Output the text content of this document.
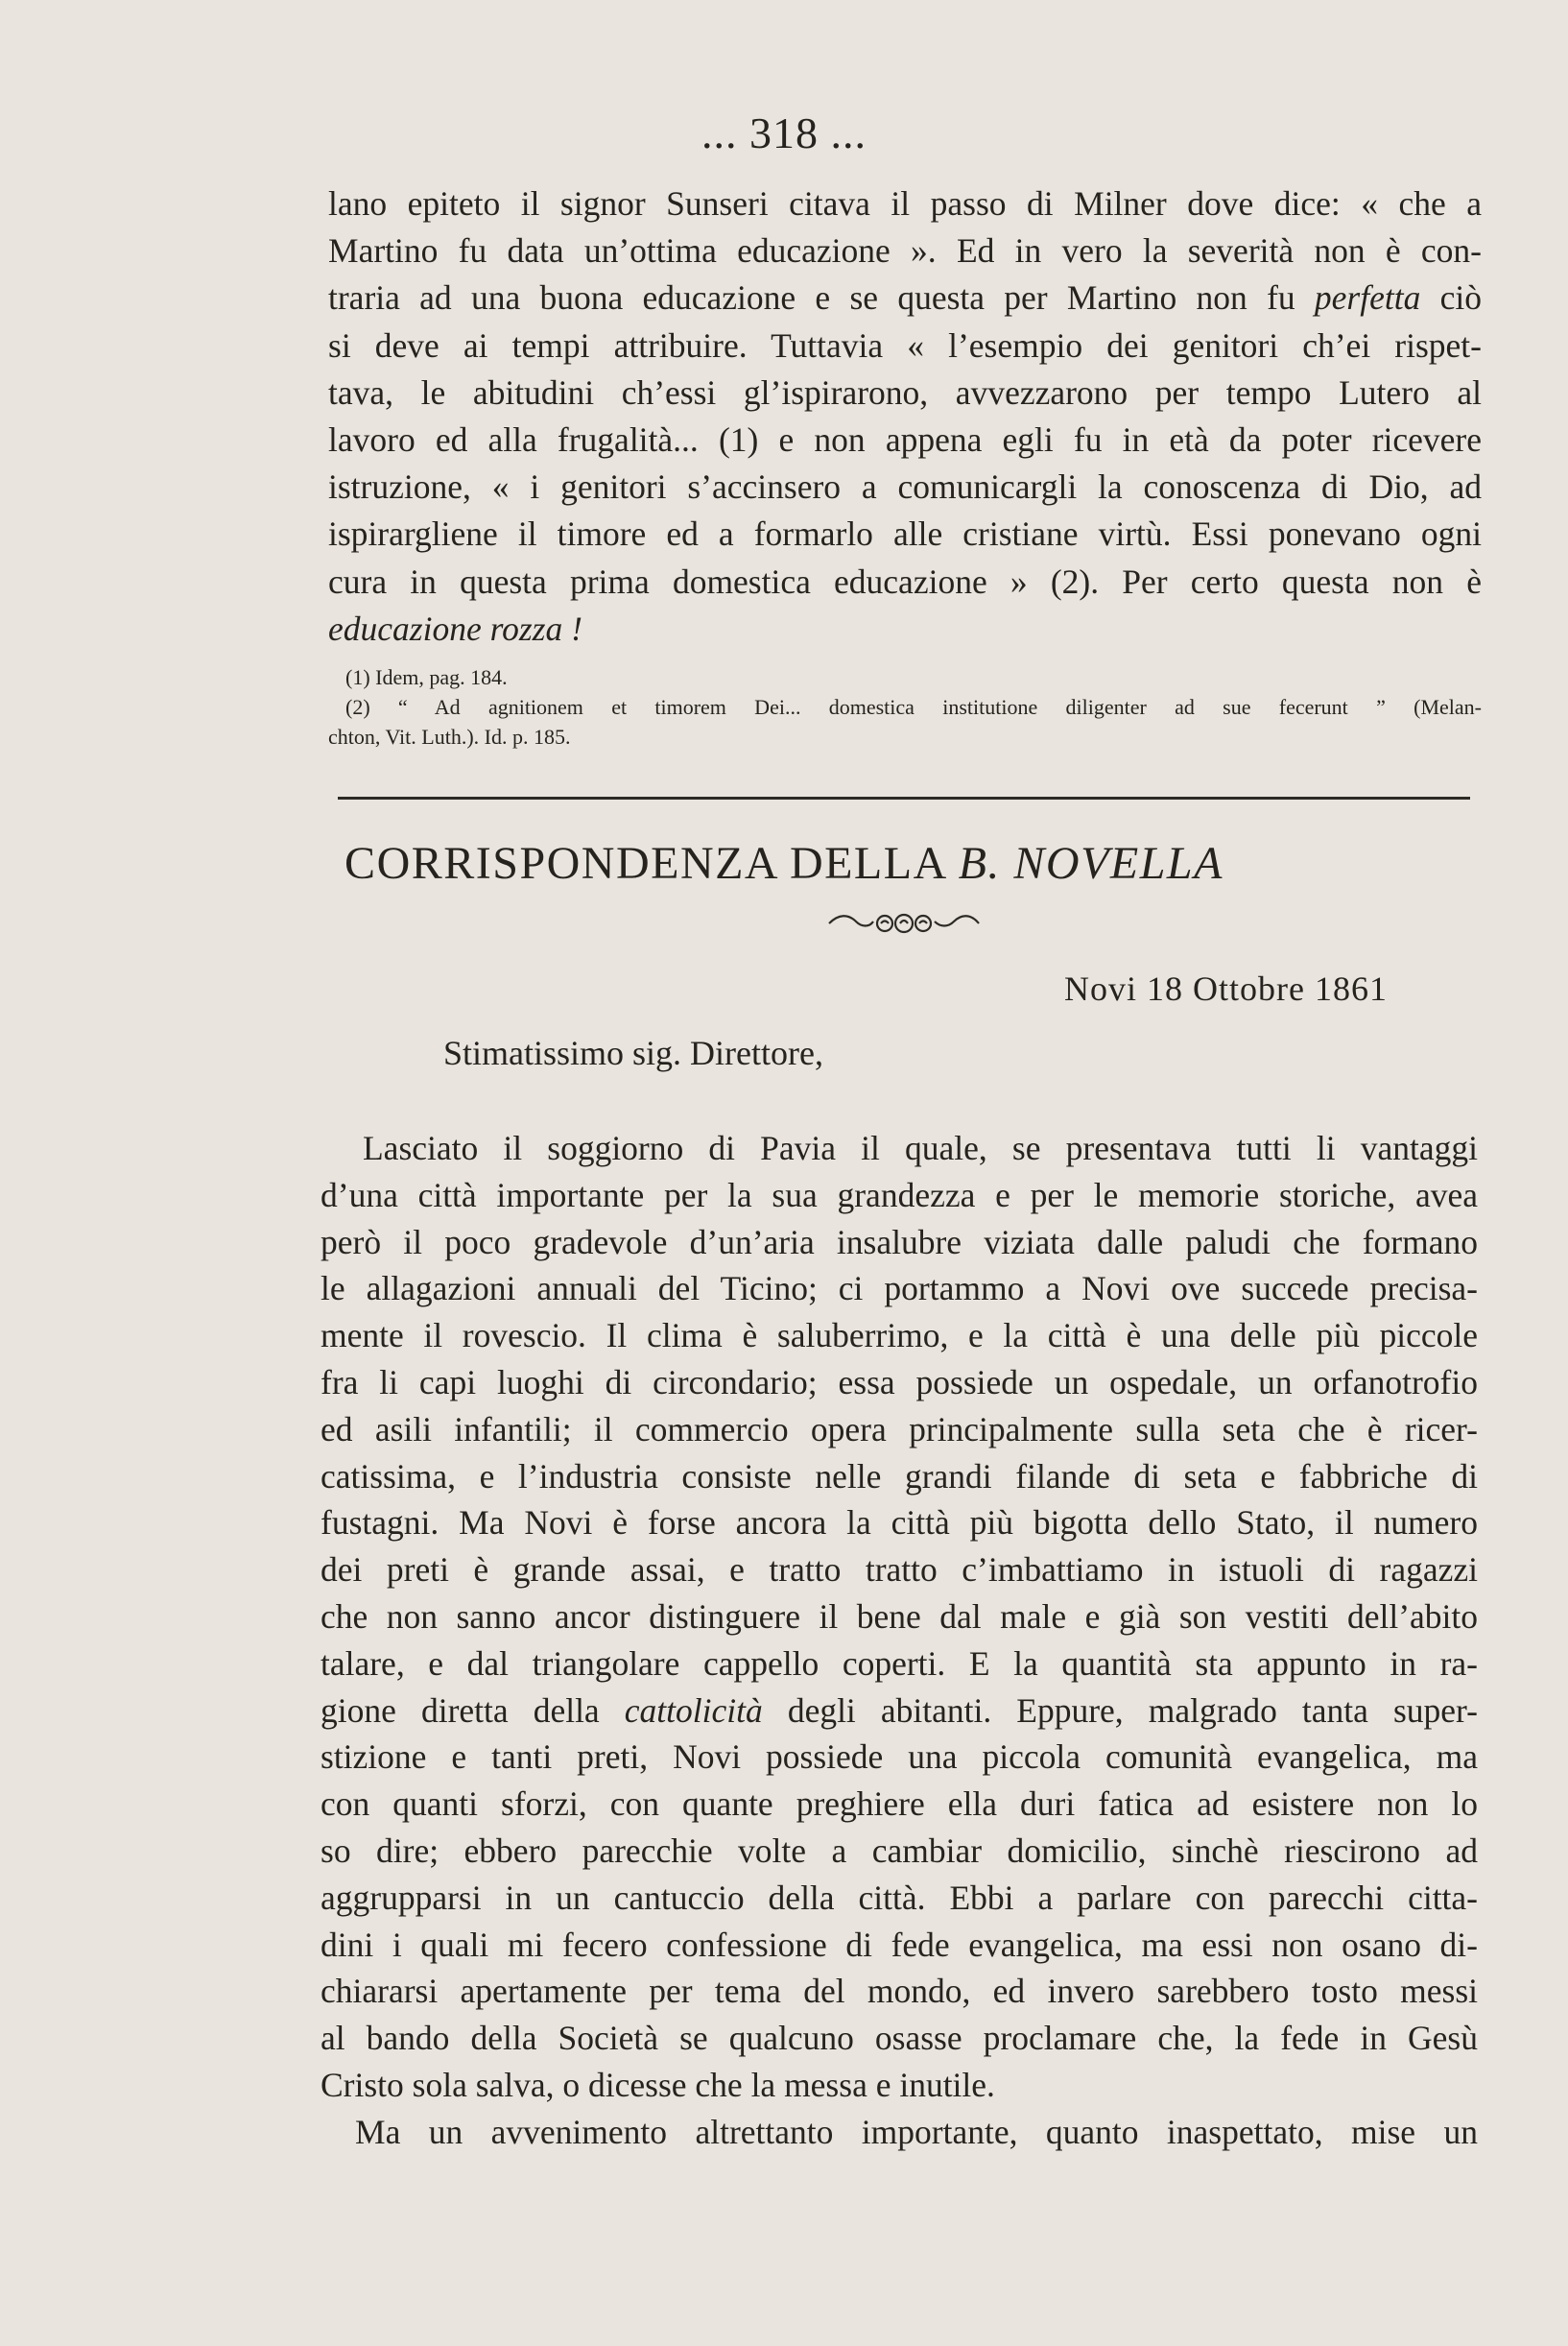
... 318 ...
lano epiteto il signor Sunseri citava il passo di Milner dove dice: « che a
Martino fu data un’ottima educazione ». Ed in vero la severità non è con-
traria ad una buona educazione e se questa per Martino non fu perfetta ciò
si deve ai tempi attribuire. Tuttavia « l’esempio dei genitori ch’ei rispet-
tava, le abitudini ch’essi gl’ispirarono, avvezzarono per tempo Lutero al
lavoro ed alla frugalità... (1) e non appena egli fu in età da poter ricevere
istruzione, « i genitori s’accinsero a comunicargli la conoscenza di Dio, ad
ispirargliene il timore ed a formarlo alle cristiane virtù. Essi ponevano ogni
cura in questa prima domestica educazione » (2). Per certo questa non è
educazione rozza !
(1) Idem, pag. 184.
(2) “ Ad agnitionem et timorem Dei... domestica institutione diligenter ad sue fecerunt ” (Melan-
chton, Vit. Luth.). Id. p. 185.
CORRISPONDENZA DELLA B. NOVELLA
Novi 18 Ottobre 1861
Stimatissimo sig. Direttore,
Lasciato il soggiorno di Pavia il quale, se presentava tutti li vantaggi
d’una città importante per la sua grandezza e per le memorie storiche, avea
però il poco gradevole d’un’aria insalubre viziata dalle paludi che formano
le allagazioni annuali del Ticino; ci portammo a Novi ove succede precisa-
mente il rovescio. Il clima è saluberrimo, e la città è una delle più piccole
fra li capi luoghi di circondario; essa possiede un ospedale, un orfanotrofio
ed asili infantili; il commercio opera principalmente sulla seta che è ricer-
catissima, e l’industria consiste nelle grandi filande di seta e fabbriche di
fustagni. Ma Novi è forse ancora la città più bigotta dello Stato, il numero
dei preti è grande assai, e tratto tratto c’imbattiamo in istuoli di ragazzi
che non sanno ancor distinguere il bene dal male e già son vestiti dell’abito
talare, e dal triangolare cappello coperti. E la quantità sta appunto in ra-
gione diretta della cattolicità degli abitanti. Eppure, malgrado tanta super-
stizione e tanti preti, Novi possiede una piccola comunità evangelica, ma
con quanti sforzi, con quante preghiere ella duri fatica ad esistere non lo
so dire; ebbero parecchie volte a cambiar domicilio, sinchè riescirono ad
aggrupparsi in un cantuccio della città. Ebbi a parlare con parecchi citta-
dini i quali mi fecero confessione di fede evangelica, ma essi non osano di-
chiararsi apertamente per tema del mondo, ed invero sarebbero tosto messi
al bando della Società se qualcuno osasse proclamare che, la fede in Gesù
Cristo sola salva, o dicesse che la messa e inutile.
Ma un avvenimento altrettanto importante, quanto inaspettato, mise un
